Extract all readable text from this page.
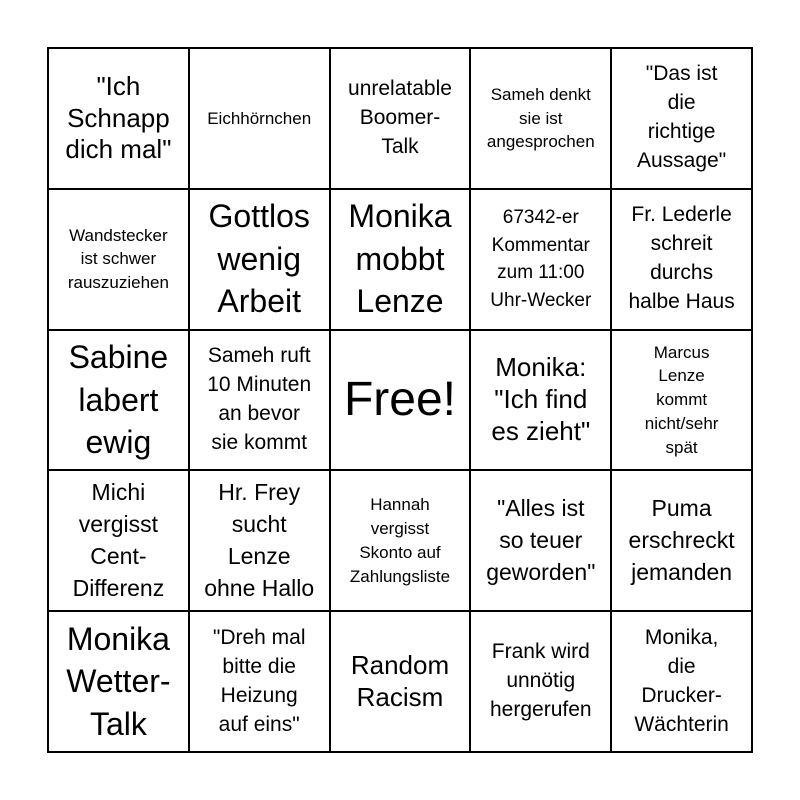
"Ich
Schnapp
dich mal"
Eichhörnchen
unrelatable
Boomer-
Talk
Sameh denkt
sie ist
angesprochen
"Das ist
die
richtige
Aussage"
Wandstecker
ist schwer
rauszuziehen
Gottlos
wenig
Arbeit
Monika
mobbt
Lenze
67342-er
Kommentar
zum 11:00
Uhr-Wecker
Fr. Lederle
schreit
durchs
halbe Haus
Sabine
labert
ewig
Sameh ruft
10 Minuten
an bevor
sie kommt
Free!
Monika:
"Ich find
es zieht"
Marcus
Lenze
kommt
nicht/sehr
spät
Michi
vergisst
Cent-
Differenz
Hr. Frey
sucht
Lenze
ohne Hallo
Hannah
vergisst
Skonto auf
Zahlungsliste
"Alles ist
so teuer
geworden"
Puma
erschreckt
jemanden
Monika
Wetter-
Talk
"Dreh mal
bitte die
Heizung
auf eins"
Random
Racism
Frank wird
unnötig
hergerufen
Monika,
die
Drucker-
Wächterin
